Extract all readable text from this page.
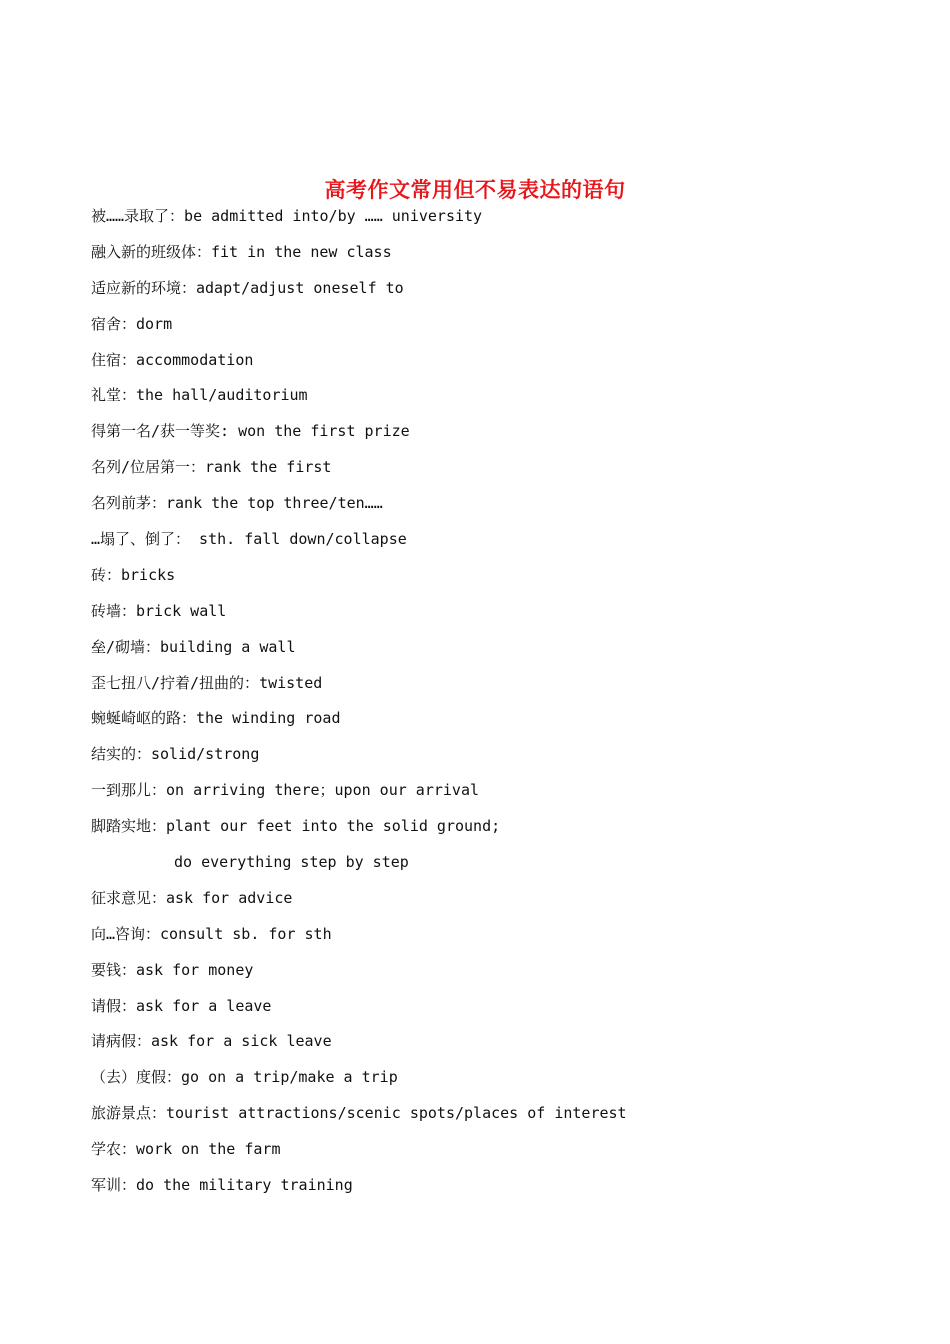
高考作文常用但不易表达的语句
被……录取了：be admitted into/by …… university
融入新的班级体：fit in the new class
适应新的环境：adapt/adjust oneself to
宿舍：dorm
住宿：accommodation
礼堂：the hall/auditorium
得第一名/获一等奖: won the first prize
名列/位居第一：rank the first
名列前茅：rank the top three/ten……
…塌了、倒了： sth. fall down/collapse
砖：bricks
砖墙：brick wall
垒/砌墙：building a wall
歪七扭八/拧着/扭曲的：twisted
蜿蜒崎岖的路：the winding road
结实的：solid/strong
一到那儿：on arriving there；upon our arrival
脚踏实地：plant our feet into the solid ground;
do everything step by step
征求意见：ask for advice
向…咨询：consult sb. for sth
要钱：ask for money
请假：ask for a leave
请病假：ask for a sick leave
（去）度假：go on a trip/make a trip
旅游景点：tourist attractions/scenic spots/places of interest
学农：work on the farm
军训：do the military training
